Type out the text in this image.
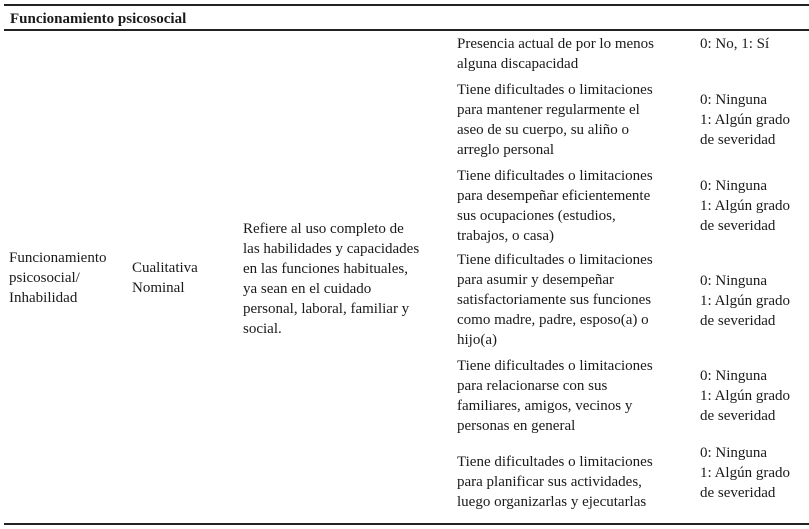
Funcionamiento psicosocial
Funcionamiento
psicosocial/
Inhabilidad
Cualitativa
Nominal
Refiere al uso completo de
las habilidades y capacidades
en las funciones habituales,
ya sean en el cuidado
personal, laboral, familiar y
social.
Presencia actual de por lo menos
alguna discapacidad
0: No, 1: Sí
Tiene dificultades o limitaciones
para mantener regularmente el
aseo de su cuerpo, su aliño o
arreglo personal
0: Ninguna
1: Algún grado
de severidad
Tiene dificultades o limitaciones
para desempeñar eficientemente
sus ocupaciones (estudios,
trabajos, o casa)
0: Ninguna
1: Algún grado
de severidad
Tiene dificultades o limitaciones
para asumir y desempeñar
satisfactoriamente sus funciones
como madre, padre, esposo(a) o
hijo(a)
0: Ninguna
1: Algún grado
de severidad
Tiene dificultades o limitaciones
para relacionarse con sus
familiares, amigos, vecinos y
personas en general
0: Ninguna
1: Algún grado
de severidad
Tiene dificultades o limitaciones
para planificar sus actividades,
luego organizarlas y ejecutarlas
0: Ninguna
1: Algún grado
de severidad
